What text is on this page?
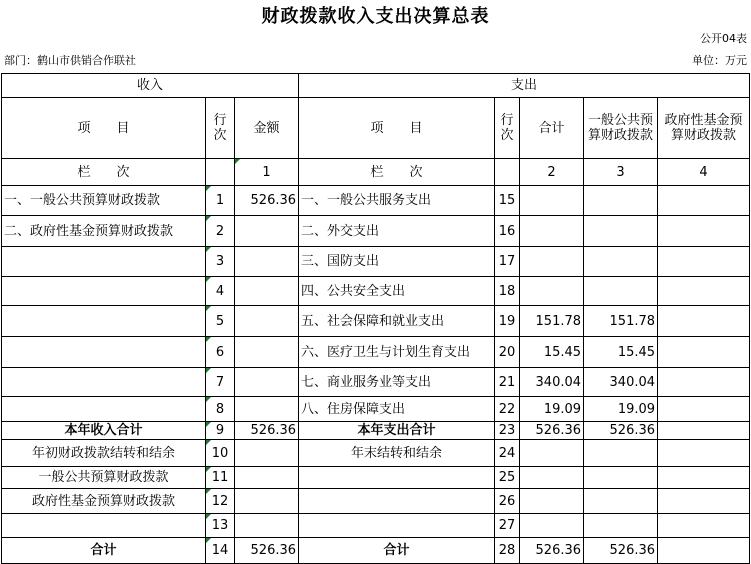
财政拨款收入支出决算总表
公开04表
部门：鹤山市供销合作联社	单位：万元
收入			支出				
项　　目	行次	金额	项　　目	行次	合计	一般公共预算财政拨款	政府性基金预算财政拨款
栏　　次		1	栏　　次		2	3	4
一、一般公共预算财政拨款	1	526.36	一、一般公共服务支出	15			
二、政府性基金预算财政拨款	2		二、外交支出	16			
	3		三、国防支出	17			
	4		四、公共安全支出	18			
	5		五、社会保障和就业支出	19	151.78	151.78	
	6		六、医疗卫生与计划生育支出	20	15.45	15.45	
	7		七、商业服务业等支出	21	340.04	340.04	
	8		八、住房保障支出	22	19.09	19.09	
本年收入合计	9	526.36	本年支出合计	23	526.36	526.36	
年初财政拨款结转和结余	10		年末结转和结余	24			
一般公共预算财政拨款	11			25			
政府性基金预算财政拨款	12			26			
	13			27			
合计	14	526.36	合计	28	526.36	526.36	
